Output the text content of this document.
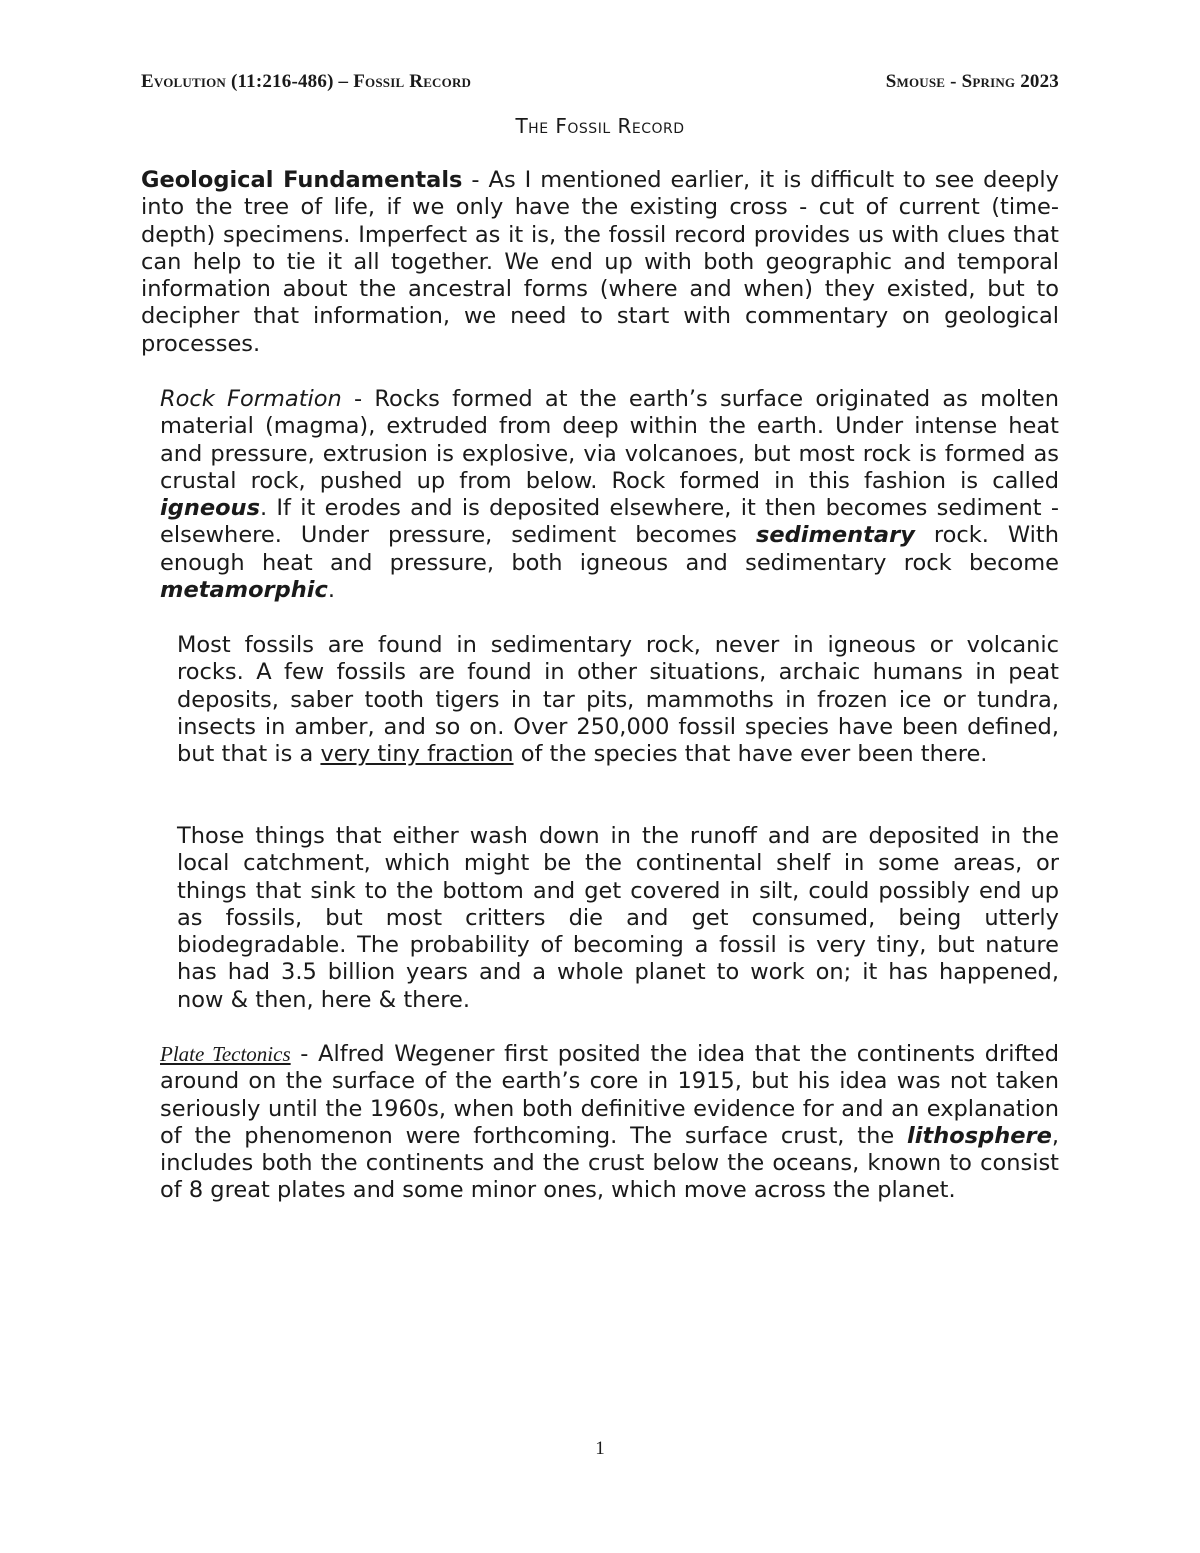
Evolution (11:216-486) – Fossil Record	Smouse - Spring 2023
The Fossil Record

Geological Fundamentals - As I mentioned earlier, it is difficult to see deeply into the tree of life, if we only have the existing cross - cut of current (time-depth) specimens. Imperfect as it is, the fossil record provides us with clues that can help to tie it all together. We end up with both geographic and temporal information about the ancestral forms (where and when) they existed, but to decipher that information, we need to start with commentary on geological processes.

Rock Formation - Rocks formed at the earth’s surface originated as molten material (magma), extruded from deep within the earth. Under intense heat and pressure, extrusion is explosive, via volcanoes, but most rock is formed as crustal rock, pushed up from below. Rock formed in this fashion is called igneous. If it erodes and is deposited elsewhere, it then becomes sediment - elsewhere. Under pressure, sediment becomes sedimentary rock. With enough heat and pressure, both igneous and sedimentary rock become metamorphic.

Most fossils are found in sedimentary rock, never in igneous or volcanic rocks. A few fossils are found in other situations, archaic humans in peat deposits, saber tooth tigers in tar pits, mammoths in frozen ice or tundra, insects in amber, and so on. Over 250,000 fossil species have been defined, but that is a very tiny fraction of the species that have ever been there.

Those things that either wash down in the runoff and are deposited in the local catchment, which might be the continental shelf in some areas, or things that sink to the bottom and get covered in silt, could possibly end up as fossils, but most critters die and get consumed, being utterly biodegradable. The probability of becoming a fossil is very tiny, but nature has had 3.5 billion years and a whole planet to work on; it has happened, now & then, here & there.

Plate Tectonics - Alfred Wegener first posited the idea that the continents drifted around on the surface of the earth’s core in 1915, but his idea was not taken seriously until the 1960s, when both definitive evidence for and an explanation of the phenomenon were forthcoming. The surface crust, the lithosphere, includes both the continents and the crust below the oceans, known to consist of 8 great plates and some minor ones, which move across the planet.

1
